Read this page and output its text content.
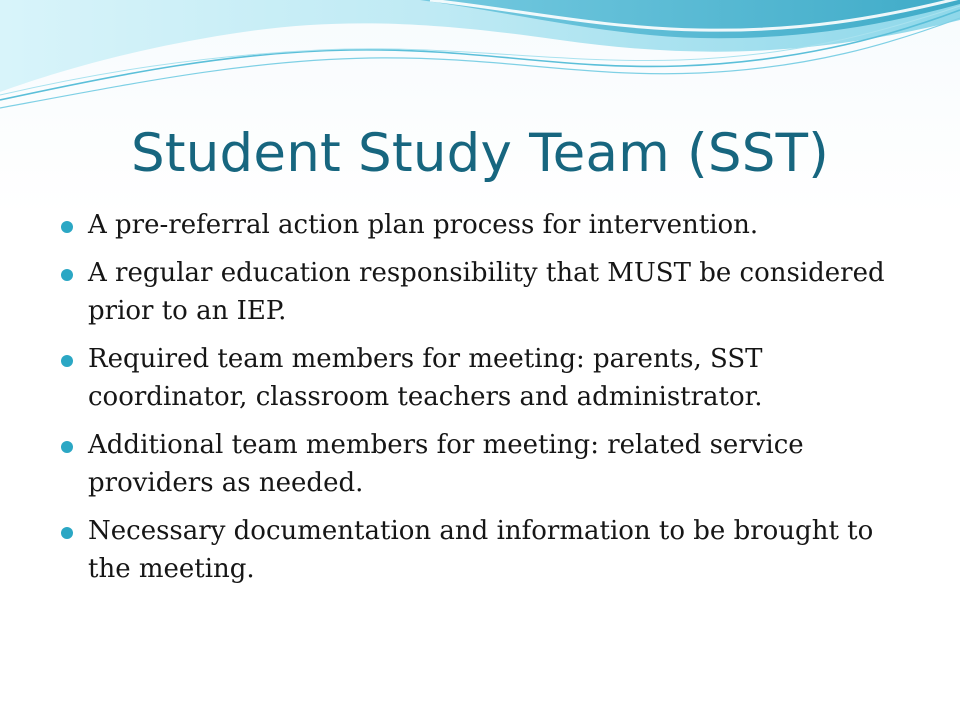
Student Study Team (SST)
A pre-referral action plan process for intervention.
A regular education responsibility that MUST be considered prior to an IEP.
Required team members for meeting: parents, SST coordinator, classroom teachers and administrator.
Additional team members for meeting: related service providers as needed.
Necessary documentation and information to be brought to the meeting.
